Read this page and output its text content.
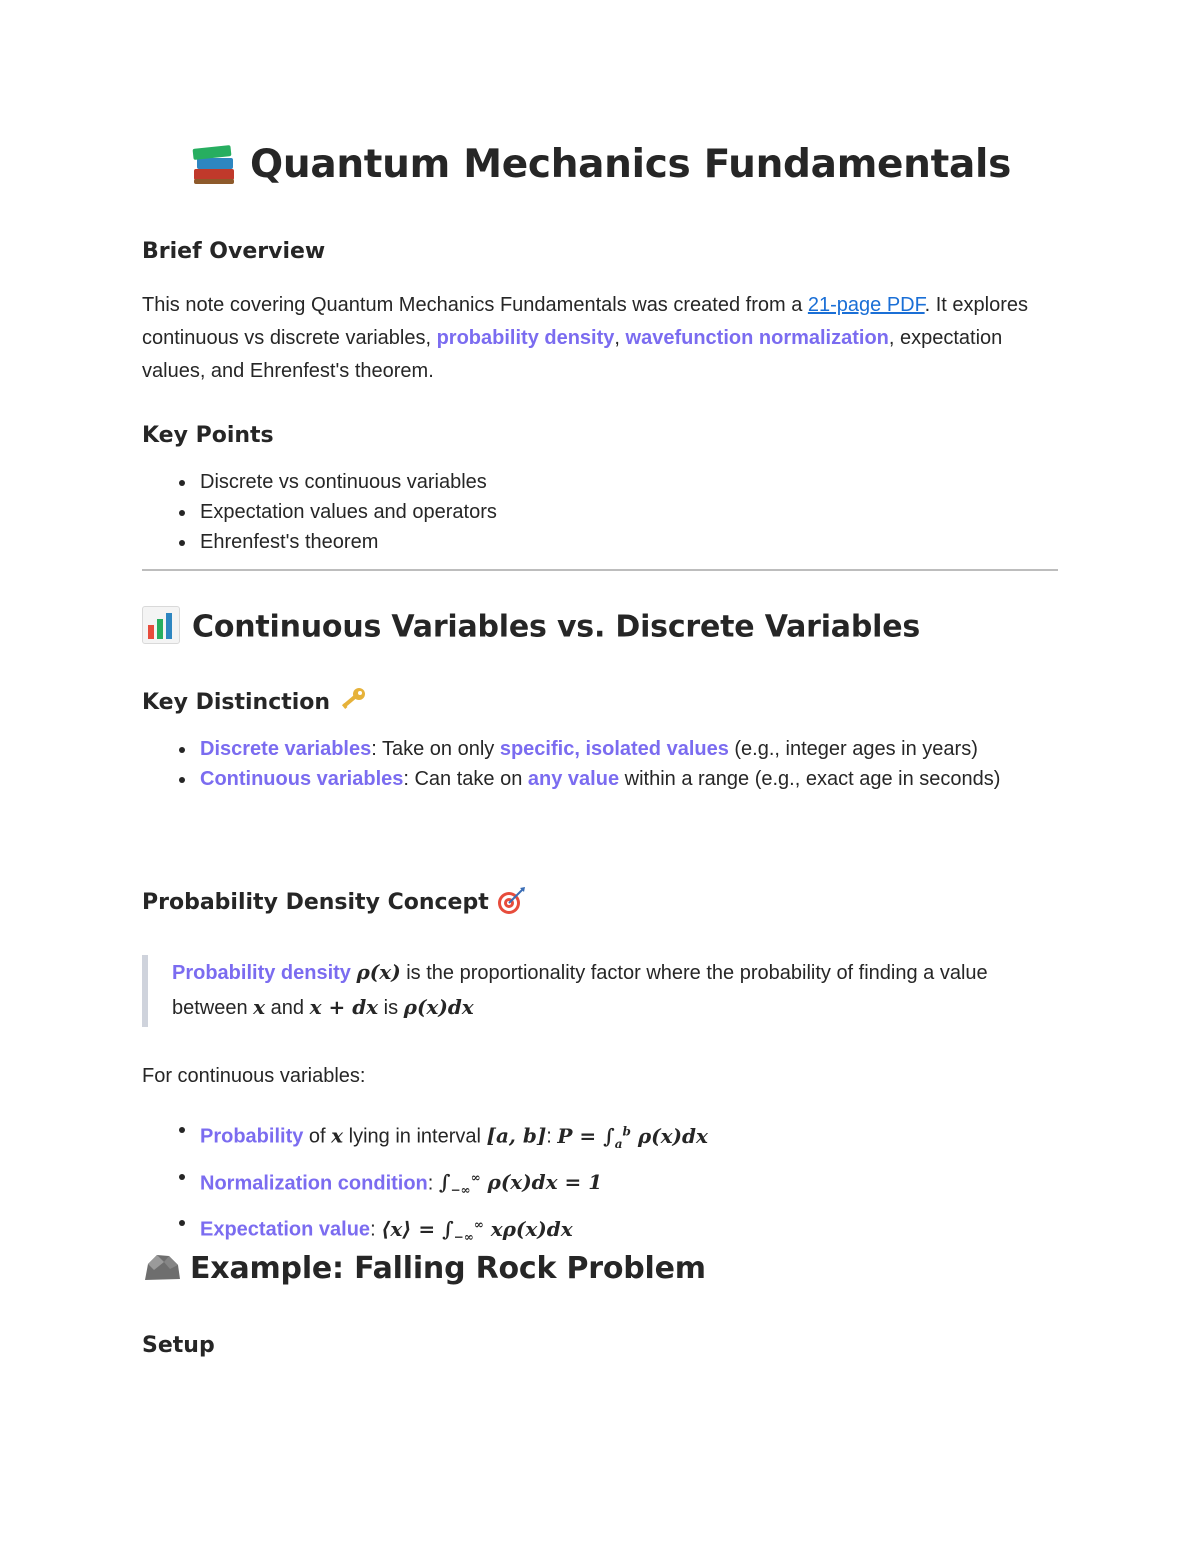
Quantum Mechanics Fundamentals
Brief Overview

This note covering Quantum Mechanics Fundamentals was created from a 21-page PDF. It explores continuous vs discrete variables, probability density, wavefunction normalization, expectation values, and Ehrenfest's theorem.

Key Points
Discrete vs continuous variables
Expectation values and operators
Ehrenfest's theorem
Continuous Variables vs. Discrete Variables
Key Distinction
Discrete variables: Take on only specific, isolated values (e.g., integer ages in years)
Continuous variables: Can take on any value within a range (e.g., exact age in seconds)
Probability Density Concept
Probability density ρ(x) is the proportionality factor where the probability of finding a value between x and x + dx is ρ(x)dx

For continuous variables:

Probability of x lying in interval [a, b]: $P = \int_a^b$ ρ(x)dx
Normalization condition: $\int_{-\infty}^\infty$ ρ(x)dx = 1
Expectation value: ⟨x⟩ = $\int_{-\infty}^\infty$ xρ(x)dx
Example: Falling Rock Problem
Setup
